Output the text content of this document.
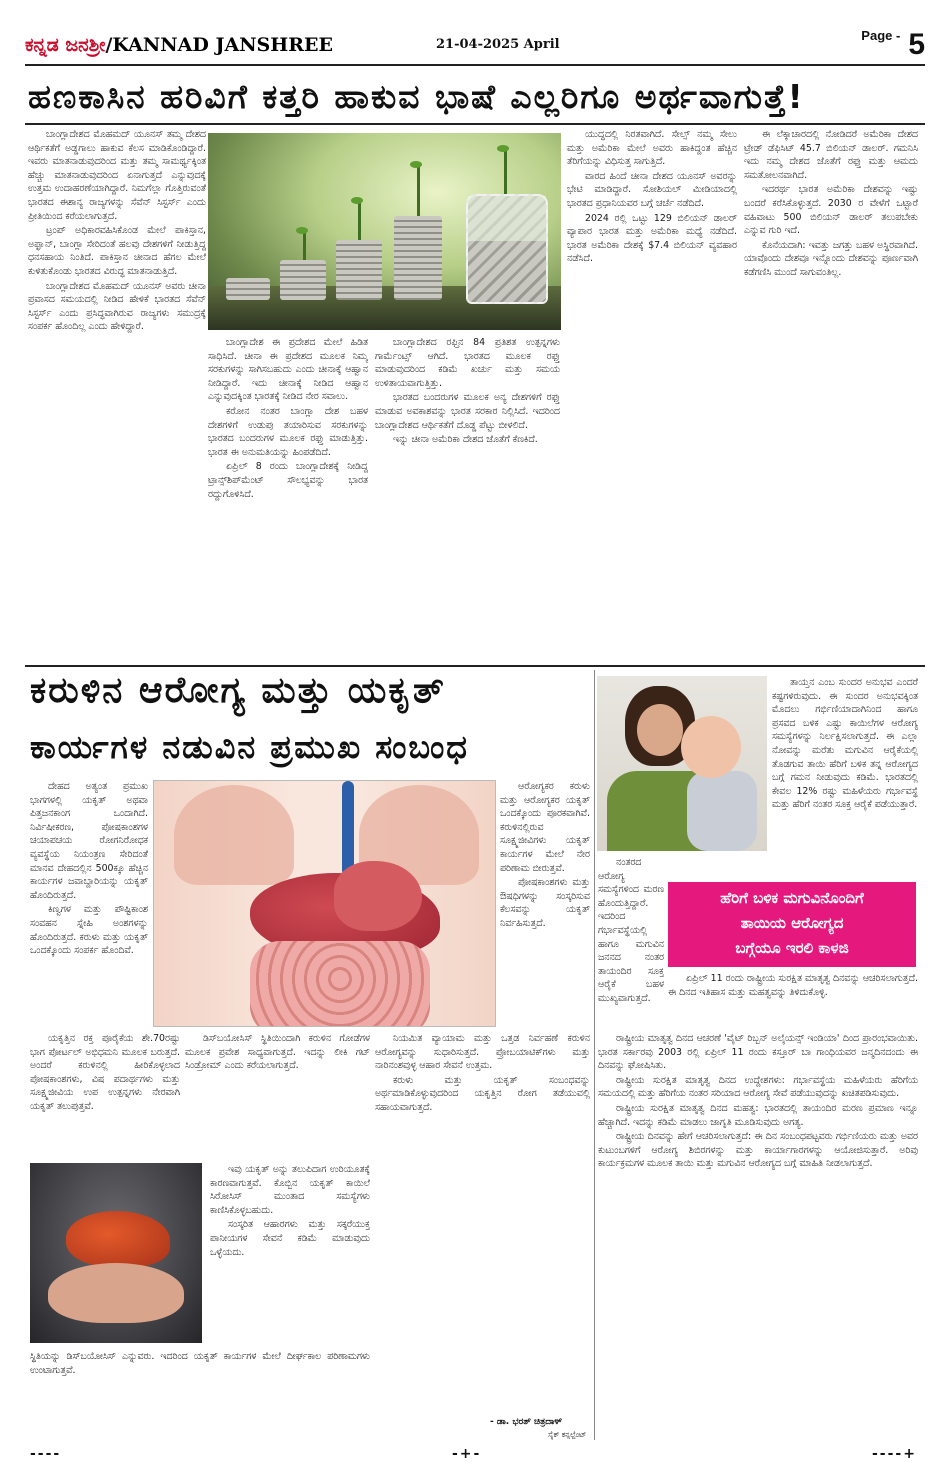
ಕನ್ನಡ ಜನಶ್ರೀ/KANNAD JANSHREE	21-04-2025 April
$^{Page -}$ 5
ಹಣಕಾಸಿನ ಹರಿವಿಗೆ ಕತ್ತರಿ ಹಾಕುವ ಭಾಷೆ ಎಲ್ಲರಿಗೂ ಅರ್ಥವಾಗುತ್ತೆ!

ಬಾಂಗ್ಲಾದೇಶದ ಮೊಹಮದ್ ಯೂನಸ್ ತಮ್ಮ ದೇಶದ ಆರ್ಥಿಕತೆಗೆ ಅಡ್ಡಗಾಲು ಹಾಕುವ ಕೆಲಸ ಮಾಡಿಕೊಂಡಿದ್ದಾರೆ. ಇವರು ಮಾತನಾಡುವುದರಿಂದ ಮತ್ತು ತಮ್ಮ ಸಾಮರ್ಥ್ಯಕ್ಕಿಂತ ಹೆಚ್ಚು ಮಾತನಾಡುವುದರಿಂದ ಏನಾಗುತ್ತದೆ ಎನ್ನುವುದಕ್ಕೆ ಉತ್ತಮ ಉದಾಹರಣೆಯಾಗಿದ್ದಾರೆ. ನಿಮಗೆಲ್ಲಾ ಗೊತ್ತಿರುವಂತೆ ಭಾರತದ ಈಶಾನ್ಯ ರಾಜ್ಯಗಳನ್ನು ಸೆವೆನ್ ಸಿಸ್ಟರ್ಸ್ ಎಂದು ಪ್ರೀತಿಯಿಂದ ಕರೆಯಲಾಗುತ್ತದೆ.

ಟ್ರಂಪ್ ಅಧಿಕಾರವಹಿಸಿಕೊಂಡ ಮೇಲೆ ಪಾಕಿಸ್ತಾನ, ಅಫ್ಘಾನ್, ಬಾಂಗ್ಲಾ ಸೇರಿದಂತೆ ಹಲವು ದೇಶಗಳಿಗೆ ನೀಡುತ್ತಿದ್ದ ಧನಸಹಾಯ ನಿಂತಿದೆ. ಪಾಕಿಸ್ತಾನ ಚೀನಾದ ಹೆಗಲ ಮೇಲೆ ಕುಳಿತುಕೊಂಡು ಭಾರತದ ವಿರುದ್ಧ ಮಾತನಾಡುತ್ತಿದೆ.

ಬಾಂಗ್ಲಾದೇಶದ ಮೊಹಮದ್ ಯೂನಸ್ ಅವರು ಚೀನಾ ಪ್ರವಾಸದ ಸಮಯದಲ್ಲಿ ನೀಡಿದ ಹೇಳಿಕೆ ಭಾರತದ ಸೆವೆನ್ ಸಿಸ್ಟರ್ಸ್ ಎಂದು ಪ್ರಸಿದ್ಧವಾಗಿರುವ ರಾಜ್ಯಗಳು ಸಮುದ್ರಕ್ಕೆ ಸಂಪರ್ಕ ಹೊಂದಿಲ್ಲ ಎಂದು ಹೇಳಿದ್ದಾರೆ.

ಬಾಂಗ್ಲಾದೇಶ ಈ ಪ್ರದೇಶದ ಮೇಲೆ ಹಿಡಿತ ಸಾಧಿಸಿದೆ. ಚೀನಾ ಈ ಪ್ರದೇಶದ ಮೂಲಕ ನಿಮ್ಮ ಸರಕುಗಳನ್ನು ಸಾಗಿಸಬಹುದು ಎಂದು ಚೀನಾಕ್ಕೆ ಆಹ್ವಾನ ನೀಡಿದ್ದಾರೆ. ಇದು ಚೀನಾಕ್ಕೆ ನೀಡಿದ ಆಹ್ವಾನ ಎನ್ನುವುದಕ್ಕಿಂತ ಭಾರತಕ್ಕೆ ನೀಡಿದ ನೇರ ಸವಾಲು.

ಕರೋನ ನಂತರ ಬಾಂಗ್ಲಾ ದೇಶ ಬಹಳ ದೇಶಗಳಿಗೆ ಉಡುಪು ತಯಾರಿಸುವ ಸರಕುಗಳನ್ನು ಭಾರತದ ಬಂದರುಗಳ ಮೂಲಕ ರಫ್ತು ಮಾಡುತ್ತಿತ್ತು. ಭಾರತ ಈ ಅನುಮತಿಯನ್ನು ಹಿಂಪಡೆದಿದೆ.

ಏಪ್ರಿಲ್ 8 ರಂದು ಬಾಂಗ್ಲಾದೇಶಕ್ಕೆ ನೀಡಿದ್ದ ಟ್ರಾನ್ಸ್‌ಶಿಪ್‌ಮೆಂಟ್ ಸೌಲಭ್ಯವನ್ನು ಭಾರತ ರದ್ದುಗೊಳಿಸಿದೆ.

ಬಾಂಗ್ಲಾದೇಶದ ರಫ್ತಿನ 84 ಪ್ರತಿಶತ ಉತ್ಪನ್ನಗಳು ಗಾರ್ಮೆಂಟ್ಸ್ ಆಗಿದೆ. ಭಾರತದ ಮೂಲಕ ರಫ್ತು ಮಾಡುವುದರಿಂದ ಕಡಿಮೆ ಖರ್ಚು ಮತ್ತು ಸಮಯ ಉಳಿತಾಯವಾಗುತ್ತಿತ್ತು.

ಭಾರತದ ಬಂದರುಗಳ ಮೂಲಕ ಅನ್ಯ ದೇಶಗಳಿಗೆ ರಫ್ತು ಮಾಡುವ ಅವಕಾಶವನ್ನು ಭಾರತ ಸರಕಾರ ನಿಲ್ಲಿಸಿದೆ. ಇದರಿಂದ ಬಾಂಗ್ಲಾದೇಶದ ಆರ್ಥಿಕತೆಗೆ ದೊಡ್ಡ ಪೆಟ್ಟು ಬೀಳಲಿದೆ.

ಇನ್ನು ಚೀನಾ ಅಮೆರಿಕಾ ದೇಶದ ಜೊತೆಗೆ ಕೆಣಕಿದೆ.

ಯುದ್ಧದಲ್ಲಿ ನಿರತವಾಗಿದೆ. ಸೇಲ್ಸ್ ನಮ್ಮ ಸೇಲು ಮತ್ತು ಅಮೆರಿಕಾ ಮೇಲೆ ಅವರು ಹಾಕಿದ್ದಂತ ಹೆಚ್ಚಿನ ತೆರಿಗೆಯನ್ನು ವಿಧಿಸುತ್ತ ಸಾಗುತ್ತಿದೆ.

ವಾರದ ಹಿಂದೆ ಚೀನಾ ದೇಶದ ಯೂನಸ್ ಅವರನ್ನು ಭೇಟಿ ಮಾಡಿದ್ದಾರೆ. ಸೋಶಿಯಲ್ ಮೀಡಿಯಾದಲ್ಲಿ ಭಾರತದ ಪ್ರಧಾನಿಯವರ ಬಗ್ಗೆ ಚರ್ಚೆ ನಡೆದಿದೆ.

2024 ರಲ್ಲಿ ಒಟ್ಟು 129 ಬಿಲಿಯನ್ ಡಾಲರ್ ವ್ಯಾಪಾರ ಭಾರತ ಮತ್ತು ಅಮೆರಿಕಾ ಮಧ್ಯೆ ನಡೆದಿದೆ. ಭಾರತ ಅಮೆರಿಕಾ ದೇಶಕ್ಕೆ $7.4 ಬಿಲಿಯನ್ ವ್ಯವಹಾರ ನಡೆಸಿದೆ.

ಈ ಲೆಕ್ಕಾಚಾರದಲ್ಲಿ ನೋಡಿದರೆ ಅಮೆರಿಕಾ ದೇಶದ ಟ್ರೇಡ್ ಡೆಫಿಸಿಟ್ 45.7 ಬಿಲಿಯನ್ ಡಾಲರ್. ಗಮನಿಸಿ ಇದು ನಮ್ಮ ದೇಶದ ಜೊತೆಗೆ ರಫ್ತು ಮತ್ತು ಆಮದು ಸಮತೋಲನವಾಗಿದೆ.

ಇದರರ್ಥ ಭಾರತ ಅಮೆರಿಕಾ ದೇಶವನ್ನು ಇಷ್ಟು ಬಂದರೆ ಕರೆಸಿಕೊಳ್ಳುತ್ತದೆ. 2030 ರ ವೇಳೆಗೆ ಒಟ್ಟಾರೆ ವಹಿವಾಟು 500 ಬಿಲಿಯನ್ ಡಾಲರ್ ತಲುಪಬೇಕು ಎನ್ನುವ ಗುರಿ ಇದೆ.

ಕೊನೆಯದಾಗಿ: ಇವತ್ತು ಜಗತ್ತು ಬಹಳ ಅಸ್ಥಿರವಾಗಿದೆ. ಯಾವೊಂದು ದೇಶವೂ ಇನ್ನೊಂದು ದೇಶವನ್ನು ಪೂರ್ಣವಾಗಿ ಕಡೆಗಣಿಸಿ ಮುಂದೆ ಸಾಗುವಂತಿಲ್ಲ.

ಕರುಳಿನ ಆರೋಗ್ಯ ಮತ್ತು ಯಕೃತ್
ಕಾರ್ಯಗಳ ನಡುವಿನ ಪ್ರಮುಖ ಸಂಬಂಧ

ದೇಹದ ಅತ್ಯಂತ ಪ್ರಮುಖ ಭಾಗಗಳಲ್ಲಿ ಯಕೃತ್ ಅಥವಾ ಪಿತ್ತಜನಕಾಂಗ ಒಂದಾಗಿದೆ. ನಿರ್ವಿಷೀಕರಣ, ಪೋಷಕಾಂಶಗಳ ಚಯಾಪಚಯ ರೋಗನಿರೋಧಕ ವ್ಯವಸ್ಥೆಯ ನಿಯಂತ್ರಣ ಸೇರಿದಂತೆ ಮಾನವ ದೇಹದಲ್ಲಿನ 500ಕ್ಕೂ ಹೆಚ್ಚಿನ ಕಾರ್ಯಗಳ ಜವಾಬ್ದಾರಿಯನ್ನು ಯಕೃತ್ ಹೊಂದಿರುತ್ತದೆ.

ಕಿಣ್ವಗಳ ಮತ್ತು ಪೌಷ್ಟಿಕಾಂಶ ಸಂವಹನ ಸ್ನೇಹಿ ಅಂಶಗಳನ್ನು ಹೊಂದಿರುತ್ತದೆ. ಕರುಳು ಮತ್ತು ಯಕೃತ್ ಒಂದಕ್ಕೊಂದು ಸಂಪರ್ಕ ಹೊಂದಿವೆ.

ಆರೋಗ್ಯಕರ ಕರುಳು ಮತ್ತು ಆರೋಗ್ಯಕರ ಯಕೃತ್ ಒಂದಕ್ಕೊಂದು ಪೂರಕವಾಗಿವೆ. ಕರುಳಿನಲ್ಲಿರುವ ಸೂಕ್ಷ್ಮಜೀವಿಗಳು ಯಕೃತ್ ಕಾರ್ಯಗಳ ಮೇಲೆ ನೇರ ಪರಿಣಾಮ ಬೀರುತ್ತವೆ.

ಪೋಷಕಾಂಶಗಳು ಮತ್ತು ಔಷಧಿಗಳನ್ನು ಸಂಸ್ಕರಿಸುವ ಕೆಲಸವನ್ನು ಯಕೃತ್ ನಿರ್ವಹಿಸುತ್ತದೆ.

ಯಕೃತ್ತಿನ ರಕ್ತ ಪೂರೈಕೆಯ ಶೇ.70ರಷ್ಟು ಭಾಗ ಪೋರ್ಟಲ್ ಅಭಿಧಮನಿ ಮೂಲಕ ಬರುತ್ತದೆ. ಅಂದರೆ ಕರುಳಿನಲ್ಲಿ ಹೀರಿಕೊಳ್ಳಲಾದ ಪೋಷಕಾಂಶಗಳು, ವಿಷ ಪದಾರ್ಥಗಳು ಮತ್ತು ಸೂಕ್ಷ್ಮಜೀವಿಯ ಉಪ ಉತ್ಪನ್ನಗಳು ನೇರವಾಗಿ ಯಕೃತ್ ತಲುಪುತ್ತವೆ.

ಡಿಸ್‌ಬಯೋಸಿಸ್ ಸ್ಥಿತಿಯಿಂದಾಗಿ ಕರುಳಿನ ಗೋಡೆಗಳ ಮೂಲಕ ಪ್ರವೇಶ ಸಾಧ್ಯವಾಗುತ್ತದೆ. ಇದನ್ನು ಲೀಕಿ ಗಟ್ ಸಿಂಡ್ರೋಮ್ ಎಂದು ಕರೆಯಲಾಗುತ್ತದೆ.

ನಿಯಮಿತ ವ್ಯಾಯಾಮ ಮತ್ತು ಒತ್ತಡ ನಿರ್ವಹಣೆ ಕರುಳಿನ ಆರೋಗ್ಯವನ್ನು ಸುಧಾರಿಸುತ್ತದೆ. ಪ್ರೋಬಯಾಟಿಕ್‌ಗಳು ಮತ್ತು ನಾರಿನಂಶವುಳ್ಳ ಆಹಾರ ಸೇವನೆ ಉತ್ತಮ.

ಕರುಳು ಮತ್ತು ಯಕೃತ್ ಸಂಬಂಧವನ್ನು ಅರ್ಥಮಾಡಿಕೊಳ್ಳುವುದರಿಂದ ಯಕೃತ್ತಿನ ರೋಗ ತಡೆಯುವಲ್ಲಿ ಸಹಾಯವಾಗುತ್ತದೆ.

ಇವು ಯಕೃತ್ ಅನ್ನು ತಲುಪಿದಾಗ ಉರಿಯೂತಕ್ಕೆ ಕಾರಣವಾಗುತ್ತವೆ. ಕೊಬ್ಬಿನ ಯಕೃತ್ ಕಾಯಿಲೆ ಸಿರೋಸಿಸ್ ಮುಂತಾದ ಸಮಸ್ಯೆಗಳು ಕಾಣಿಸಿಕೊಳ್ಳಬಹುದು.

ಸಂಸ್ಕರಿತ ಆಹಾರಗಳು ಮತ್ತು ಸಕ್ಕರೆಯುಕ್ತ ಪಾನೀಯಗಳ ಸೇವನೆ ಕಡಿಮೆ ಮಾಡುವುದು ಒಳ್ಳೆಯದು.

ಸ್ಥಿತಿಯನ್ನು ಡಿಸ್‌ಬಯೋಸಿಸ್ ಎನ್ನುವರು. ಇದರಿಂದ ಯಕೃತ್ ಕಾರ್ಯಗಳ ಮೇಲೆ ದೀರ್ಘಕಾಲ ಪರಿಣಾಮಗಳು ಉಂಟಾಗುತ್ತವೆ.
- ಡಾ. ಭರತ್ ಚಿತ್ರದಾಳ್
ಸೈಕ್ ಕನ್ಸಲ್ಟೆಂಟ್

ತಾಯ್ತನ ಎಂಬ ಸುಂದರ ಅನುಭವ ಎಂದರೆ ಕಷ್ಟಗಳಿರುವುದು. ಈ ಸುಂದರ ಅನುಭವಕ್ಕಿಂತ ಮೊದಲು ಗರ್ಭಿಣಿಯಾದಾಗಿನಿಂದ ಹಾಗೂ ಪ್ರಸವದ ಬಳಿಕ ಎಷ್ಟು ಕಾಯಿಲೆಗಳ ಆರೋಗ್ಯ ಸಮಸ್ಯೆಗಳನ್ನು ನಿರ್ಲಕ್ಷಿಸಲಾಗುತ್ತದೆ. ಈ ಎಲ್ಲಾ ನೋವನ್ನು ಮರೆತು ಮಗುವಿನ ಆರೈಕೆಯಲ್ಲಿ ತೊಡಗುವ ತಾಯಿ ಹೆರಿಗೆ ಬಳಿಕ ತನ್ನ ಆರೋಗ್ಯದ ಬಗ್ಗೆ ಗಮನ ನೀಡುವುದು ಕಡಿಮೆ. ಭಾರತದಲ್ಲಿ ಕೇವಲ 12% ರಷ್ಟು ಮಹಿಳೆಯರು ಗರ್ಭಾವಸ್ಥೆ ಮತ್ತು ಹೆರಿಗೆ ನಂತರ ಸೂಕ್ತ ಆರೈಕೆ ಪಡೆಯುತ್ತಾರೆ.

ನಂತರದ ಆರೋಗ್ಯ ಸಮಸ್ಯೆಗಳಿಂದ ಮರಣ ಹೊಂದುತ್ತಿದ್ದಾರೆ. ಇದರಿಂದ ಗರ್ಭಾವಸ್ಥೆಯಲ್ಲಿ ಹಾಗೂ ಮಗುವಿನ ಜನನದ ನಂತರ ತಾಯಂದಿರ ಸೂಕ್ತ ಆರೈಕೆ ಬಹಳ ಮುಖ್ಯವಾಗುತ್ತದೆ.

ಹೆರಿಗೆ ಬಳಿಕ ಮಗುವಿನೊಂದಿಗೆ
ತಾಯಿಯ ಆರೋಗ್ಯದ
ಬಗ್ಗೆಯೂ ಇರಲಿ ಕಾಳಜಿ

ಏಪ್ರಿಲ್ 11 ರಂದು ರಾಷ್ಟ್ರೀಯ ಸುರಕ್ಷಿತ ಮಾತೃತ್ವ ದಿನವನ್ನು ಆಚರಿಸಲಾಗುತ್ತದೆ. ಈ ದಿನದ ಇತಿಹಾಸ ಮತ್ತು ಮಹತ್ವವನ್ನು ತಿಳಿದುಕೊಳ್ಳಿ.

ರಾಷ್ಟ್ರೀಯ ಮಾತೃತ್ವ ದಿನದ ಆಚರಣೆ 'ವೈಟ್ ರಿಬ್ಬನ್ ಅಲೈಯನ್ಸ್ ಇಂಡಿಯಾ' ದಿಂದ ಪ್ರಾರಂಭವಾಯಿತು. ಭಾರತ ಸರ್ಕಾರವು 2003 ರಲ್ಲಿ ಏಪ್ರಿಲ್ 11 ರಂದು ಕಸ್ತೂರ್ ಬಾ ಗಾಂಧಿಯವರ ಜನ್ಮದಿನದಂದು ಈ ದಿನವನ್ನು ಘೋಷಿಸಿತು.

ರಾಷ್ಟ್ರೀಯ ಸುರಕ್ಷಿತ ಮಾತೃತ್ವ ದಿನದ ಉದ್ದೇಶಗಳು: ಗರ್ಭಾವಸ್ಥೆಯ ಮಹಿಳೆಯರು ಹೆರಿಗೆಯ ಸಮಯದಲ್ಲಿ ಮತ್ತು ಹೆರಿಗೆಯ ನಂತರ ಸರಿಯಾದ ಆರೋಗ್ಯ ಸೇವೆ ಪಡೆಯುವುದನ್ನು ಖಚಿತಪಡಿಸುವುದು.

ರಾಷ್ಟ್ರೀಯ ಸುರಕ್ಷಿತ ಮಾತೃತ್ವ ದಿನದ ಮಹತ್ವ: ಭಾರತದಲ್ಲಿ ತಾಯಂದಿರ ಮರಣ ಪ್ರಮಾಣ ಇನ್ನೂ ಹೆಚ್ಚಾಗಿದೆ. ಇದನ್ನು ಕಡಿಮೆ ಮಾಡಲು ಜಾಗೃತಿ ಮೂಡಿಸುವುದು ಅಗತ್ಯ.

ರಾಷ್ಟ್ರೀಯ ದಿನವನ್ನು ಹೇಗೆ ಆಚರಿಸಲಾಗುತ್ತದೆ: ಈ ದಿನ ಸಂಬಂಧಪಟ್ಟವರು ಗರ್ಭಿಣಿಯರು ಮತ್ತು ಅವರ ಕುಟುಂಬಗಳಿಗೆ ಆರೋಗ್ಯ ಶಿಬಿರಗಳನ್ನು ಮತ್ತು ಕಾರ್ಯಾಗಾರಗಳನ್ನು ಆಯೋಜಿಸುತ್ತಾರೆ. ಅರಿವು ಕಾರ್ಯಕ್ರಮಗಳ ಮೂಲಕ ತಾಯಿ ಮತ್ತು ಮಗುವಿನ ಆರೋಗ್ಯದ ಬಗ್ಗೆ ಮಾಹಿತಿ ನೀಡಲಾಗುತ್ತದೆ.

----	-+-	----+
